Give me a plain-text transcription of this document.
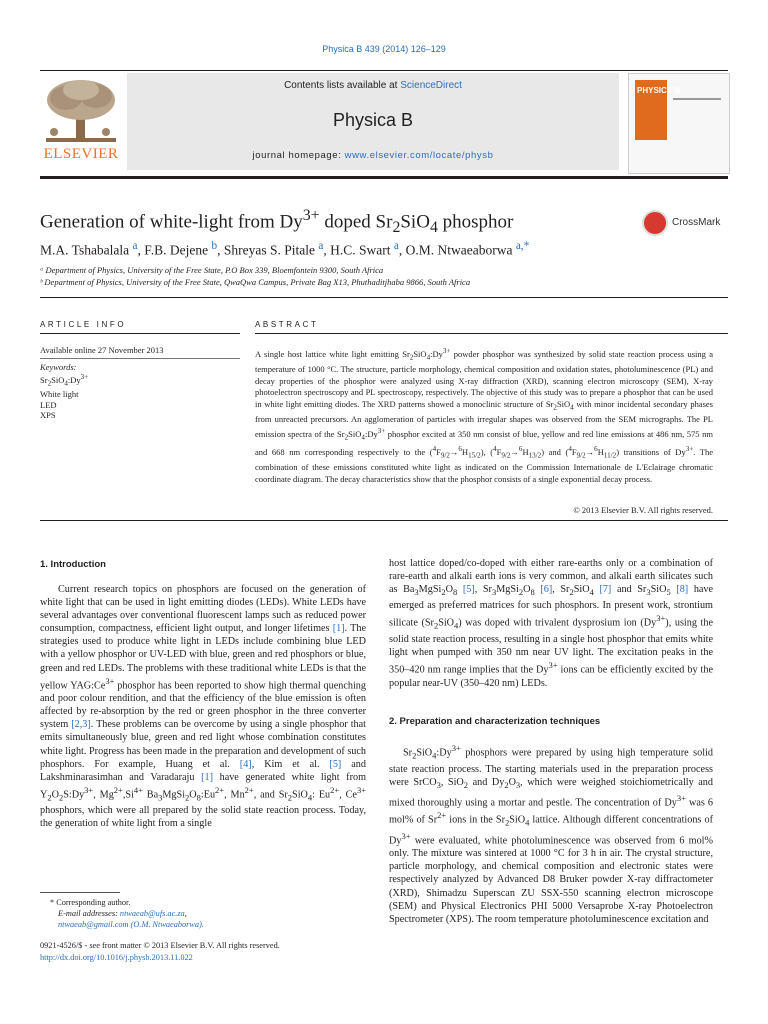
Physica B 439 (2014) 126–129
ELSEVIER
Contents lists available at ScienceDirect
Physica B
journal homepage: www.elsevier.com/locate/physb
PHYSICA B
Generation of white-light from $Dy^{3+}$ doped $Sr_2SiO_4$ phosphor	CrossMark
M.A. Tshabalala $^a$, F.B. Dejene $^b$, Shreyas S. Pitale $^a$, H.C. Swart $^a$, O.M. Ntwaeaborwa $^{a,*}$
ᵃ Department of Physics, University of the Free State, P.O Box 339, Bloemfontein 9300, South Africa
ᵇ Department of Physics, University of the Free State, QwaQwa Campus, Private Bag X13, Phuthaditjhaba 9866, South Africa
ARTICLE INFO
Available online 27 November 2013
Keywords:
$Sr_2SiO_4:Dy^{3+}$
White light
LED
XPS
ABSTRACT
A single host lattice white light emitting $Sr_2SiO_4:Dy^{3+}$ powder phosphor was synthesized by solid state reaction process using a temperature of 1000 °C. The structure, particle morphology, chemical composition and oxidation states, photoluminescence (PL) and decay properties of the phosphor were analyzed using X-ray diffraction (XRD), scanning electron microscopy (SEM), X-ray photoelectron spectroscopy and PL spectroscopy, respectively. The objective of this study was to prepare a phosphor that can be used in white light emitting diodes. The XRD patterns showed a monoclinic structure of $Sr_2SiO_4$ with minor incidental secondary phases from unreacted precursors. An agglomeration of particles with irregular shapes was observed from the SEM micrographs. The PL emission spectra of the $Sr_2SiO_4:Dy^{3+}$ phosphor excited at 350 nm consist of blue, yellow and red line emissions at 486 nm, 575 nm and 668 nm corresponding respectively to the $(^4F_{9/2}\to^6H_{15/2})$, $(^4F_{9/2}\to^6H_{13/2})$ and $(^4F_{9/2}\to^6H_{11/2})$ transitions of $Dy^{3+}$. The combination of these emissions constituted white light as indicated on the Commission Internationale de L'Eclairage chromatic coordinate diagram. The decay characteristics show that the phosphor consists of a single exponential decay process.
© 2013 Elsevier B.V. All rights reserved.
1. Introduction
Current research topics on phosphors are focused on the generation of white light that can be used in light emitting diodes (LEDs). White LEDs have several advantages over conventional fluorescent lamps such as reduced power consumption, compactness, efficient light output, and longer lifetimes [1]. The strategies used to produce white light in LEDs include combining blue LED with a yellow phosphor or UV-LED with blue, green and red phosphors or blue, green and red LEDs. The problems with these traditional white LEDs is that the yellow $YAG:Ce^{3+}$ phosphor has been reported to show high thermal quenching and poor colour rendition, and that the efficiency of the blue emission is often affected by re-absorption by the red or green phosphor in the three converter system [2,3]. These problems can be overcome by using a single phosphor that emits simultaneously blue, green and red light whose combination constitutes white light. Progress has been made in the preparation and development of such phosphors. For example, Huang et al. [4], Kim et al. [5] and Lakshminarasimhan and Varadaraju [1] have generated white light from $Y_2O_2S:Dy^{3+}$, $Mg^{2+},Si^{4+}$ $Ba_3MgSi_2O_8:Eu^{2+}$, $Mn^{2+}$, and $Sr_2SiO_4$: $Eu^{2+}$, $Ce^{3+}$ phosphors, which were all prepared by the solid state reaction process. Today, the generation of white light from a single
* Corresponding author.
E-mail addresses: ntwaeab@ufs.ac.za,
ntwaeab@gmail.com (O.M. Ntwaeaborwa).
0921-4526/$ - see front matter © 2013 Elsevier B.V. All rights reserved.
http://dx.doi.org/10.1016/j.physb.2013.11.022
host lattice doped/co-doped with either rare-earths only or a combination of rare-earth and alkali earth ions is very common, and alkali earth silicates such as $Ba_3MgSi_2O_8$ [5], $Sr_3MgSi_2O_8$ [6], $Sr_2SiO_4$ [7] and $Sr_3SiO_5$ [8] have emerged as preferred matrices for such phosphors. In present work, strontium silicate $(Sr_2SiO_4)$ was doped with trivalent dysprosium ion $(Dy^{3+})$, using the solid state reaction process, resulting in a single host phosphor that emits white light when pumped with 350 nm near UV light. The excitation peaks in the 350–420 nm range implies that the $Dy^{3+}$ ions can be efficiently excited by the popular near-UV (350–420 nm) LEDs.
2. Preparation and characterization techniques
$Sr_2SiO_4:Dy^{3+}$ phosphors were prepared by using high temperature solid state reaction process. The starting materials used in the preparation process were SrCO$_3$, SiO$_2$ and $Dy_2O_3$, which were weighed stoichiometrically and mixed thoroughly using a mortar and pestle. The concentration of $Dy^{3+}$ was 6 mol% of $Sr^{2+}$ ions in the $Sr_2SiO_4$ lattice. Although different concentrations of $Dy^{3+}$ were evaluated, white photoluminescence was observed from 6 mol% only. The mixture was sintered at 1000 °C for 3 h in air. The crystal structure, particle morphology, and chemical composition and electronic states were respectively analyzed by Advanced D8 Bruker powder X-ray diffractometer (XRD), Shimadzu Superscan ZU SSX-550 scanning electron microscope (SEM) and Physical Electronics PHI 5000 Versaprobe X-ray Photoelectron Spectrometer (XPS). The room temperature photoluminescence excitation and
